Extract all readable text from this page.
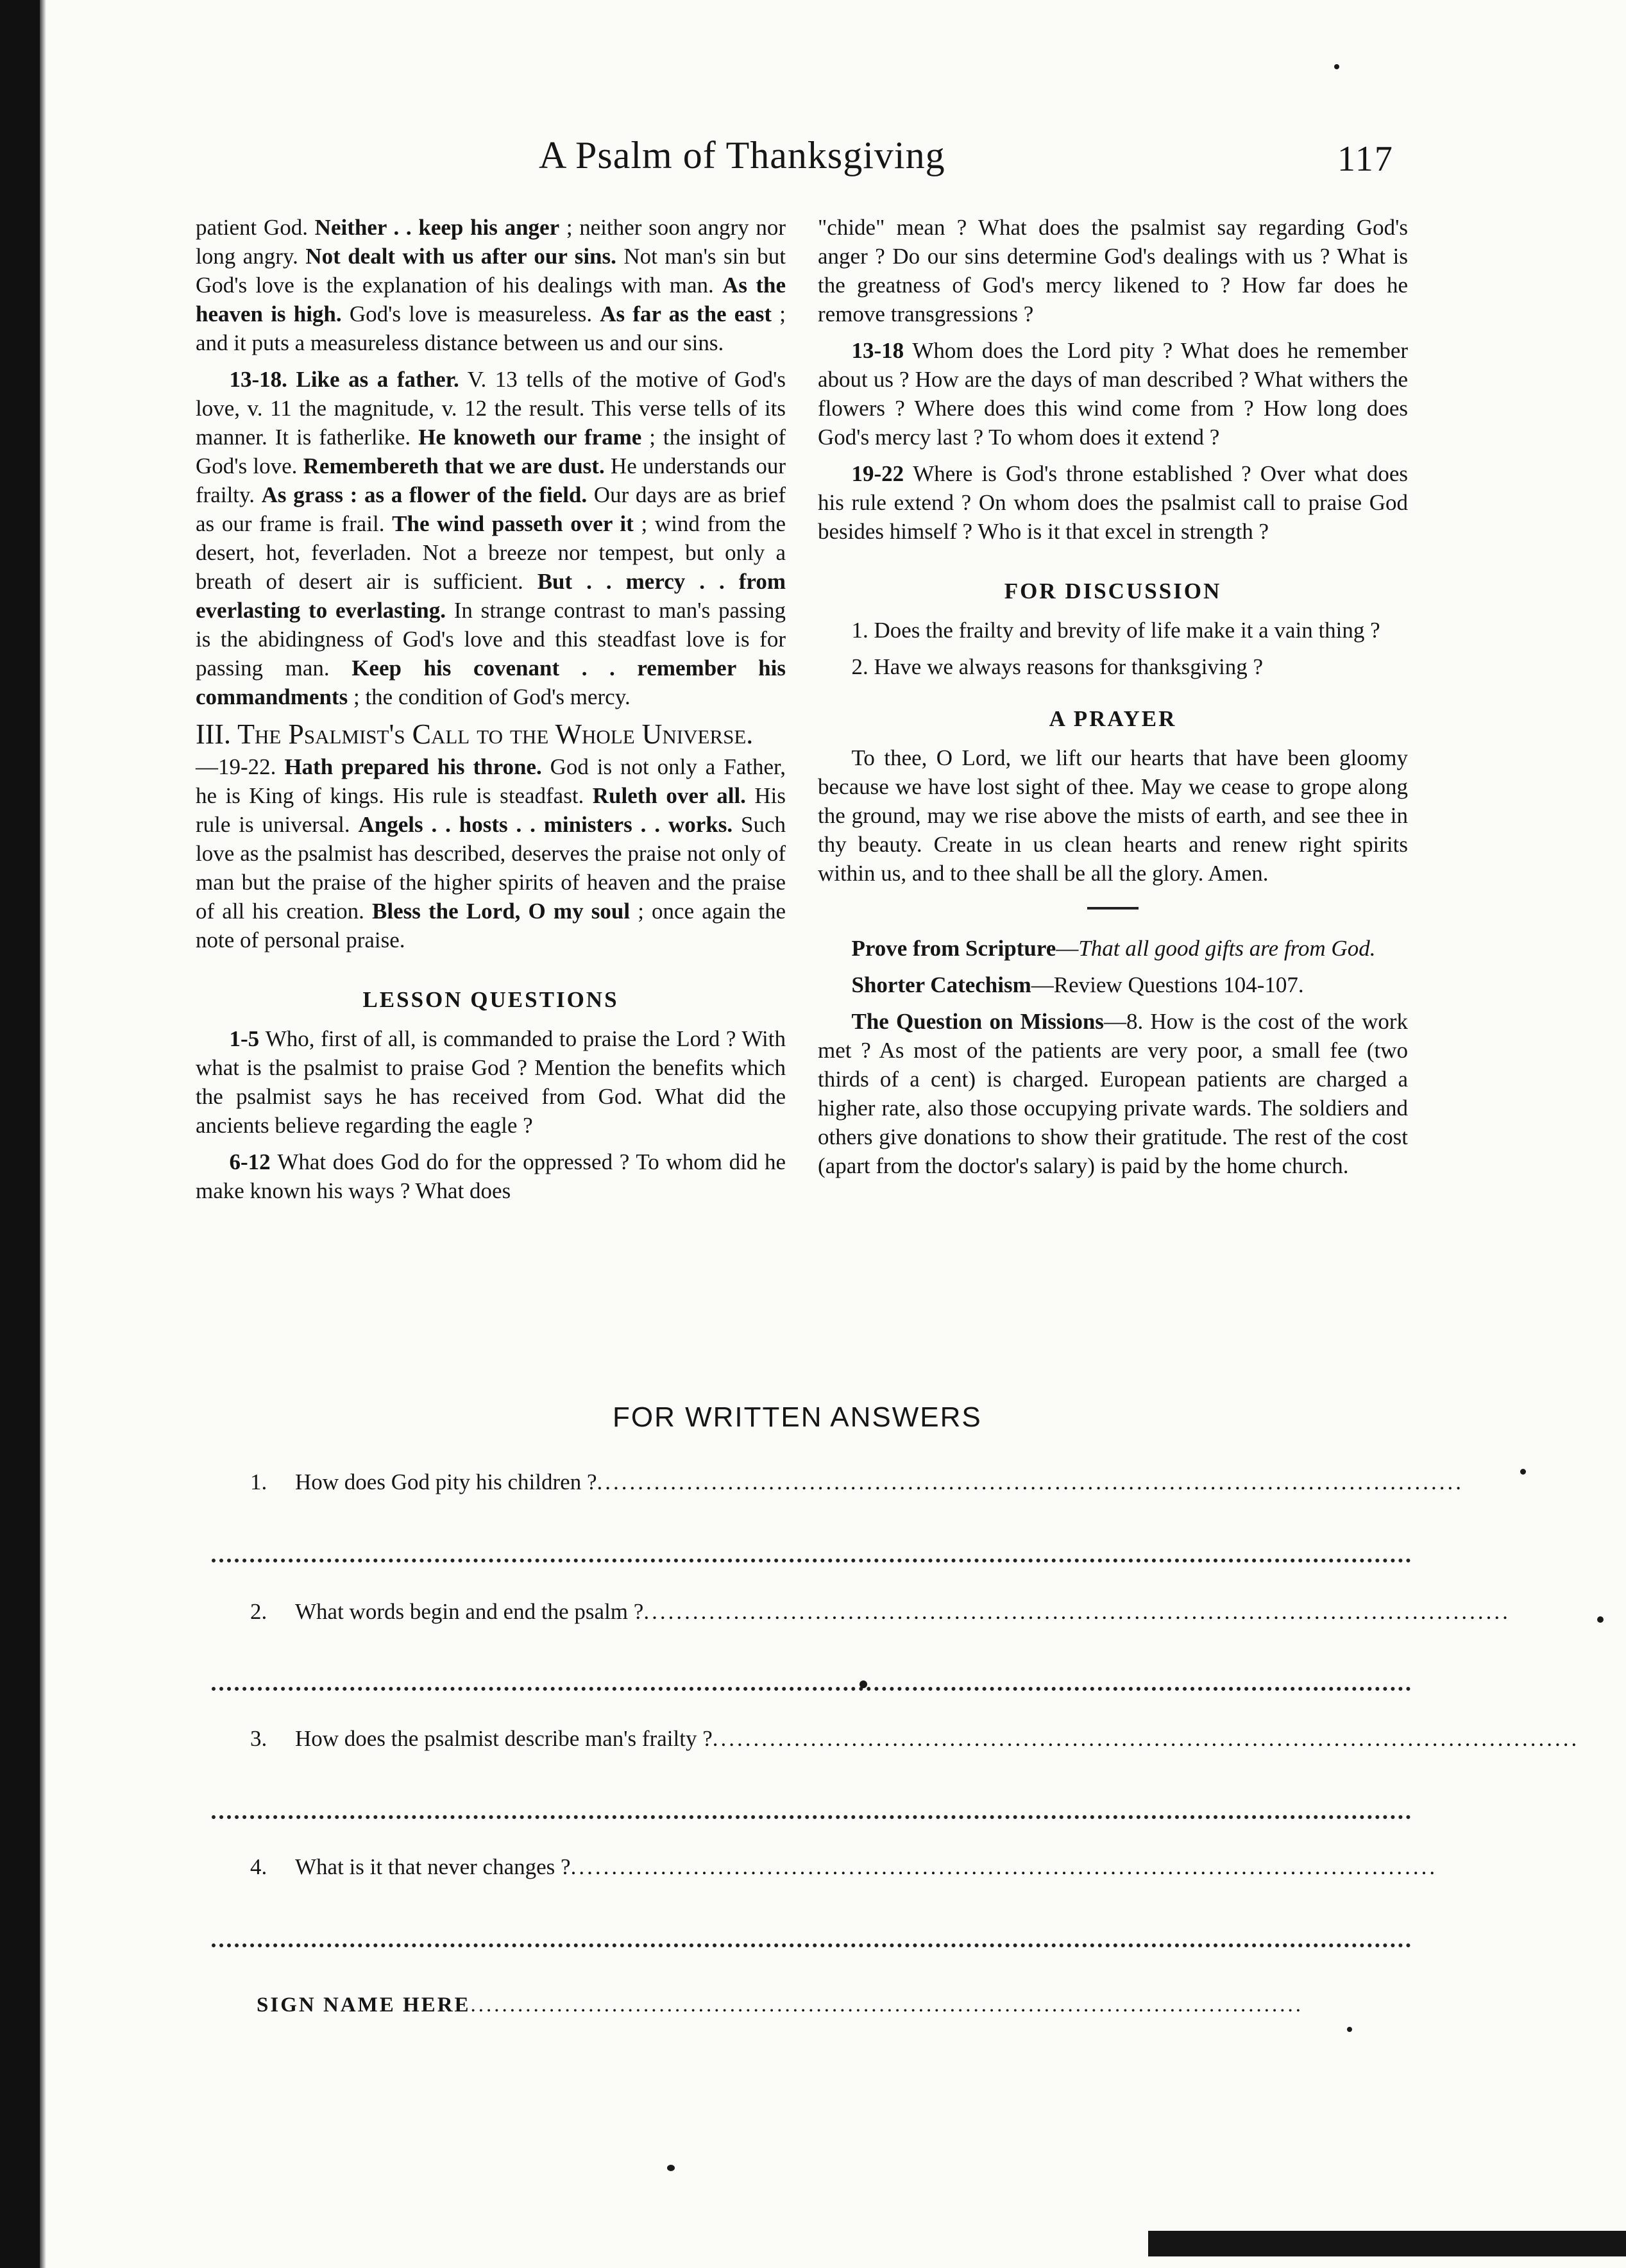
A Psalm of Thanksgiving	117

patient God. Neither . . keep his anger ; neither soon angry nor long angry. Not dealt with us after our sins. Not man's sin but God's love is the explanation of his dealings with man. As the heaven is high. God's love is measureless. As far as the east ; and it puts a measureless distance between us and our sins.

13-18. Like as a father. V. 13 tells of the motive of God's love, v. 11 the magnitude, v. 12 the result. This verse tells of its manner. It is fatherlike. He knoweth our frame ; the insight of God's love. Remembereth that we are dust. He understands our frailty. As grass : as a flower of the field. Our days are as brief as our frame is frail. The wind passeth over it ; wind from the desert, hot, feverladen. Not a breeze nor tempest, but only a breath of desert air is sufficient. But . . mercy . . from everlasting to everlasting. In strange contrast to man's passing is the abidingness of God's love and this steadfast love is for passing man. Keep his covenant . . remember his commandments ; the condition of God's mercy.

III. The Psalmist's Call to the Whole Universe.

—19-22. Hath prepared his throne. God is not only a Father, he is King of kings. His rule is steadfast. Ruleth over all. His rule is universal. Angels . . hosts . . ministers . . works. Such love as the psalmist has described, deserves the praise not only of man but the praise of the higher spirits of heaven and the praise of all his creation. Bless the Lord, O my soul ; once again the note of personal praise.

LESSON QUESTIONS

1-5 Who, first of all, is commanded to praise the Lord ? With what is the psalmist to praise God ? Mention the benefits which the psalmist says he has received from God. What did the ancients believe regarding the eagle ?

6-12 What does God do for the oppressed ? To whom did he make known his ways ? What does

"chide" mean ? What does the psalmist say regarding God's anger ? Do our sins determine God's dealings with us ? What is the greatness of God's mercy likened to ? How far does he remove transgressions ?

13-18 Whom does the Lord pity ? What does he remember about us ? How are the days of man described ? What withers the flowers ? Where does this wind come from ? How long does God's mercy last ? To whom does it extend ?

19-22 Where is God's throne established ? Over what does his rule extend ? On whom does the psalmist call to praise God besides himself ? Who is it that excel in strength ?

FOR DISCUSSION

1. Does the frailty and brevity of life make it a vain thing ?

2. Have we always reasons for thanksgiving ?

A PRAYER

To thee, O Lord, we lift our hearts that have been gloomy because we have lost sight of thee. May we cease to grope along the ground, may we rise above the mists of earth, and see thee in thy beauty. Create in us clean hearts and renew right spirits within us, and to thee shall be all the glory. Amen.

Prove from Scripture—That all good gifts are from God.

Shorter Catechism—Review Questions 104-107.

The Question on Missions—8. How is the cost of the work met ? As most of the patients are very poor, a small fee (two thirds of a cent) is charged. European patients are charged a higher rate, also those occupying private wards. The soldiers and others give donations to show their gratitude. The rest of the cost (apart from the doctor's salary) is paid by the home church.

FOR WRITTEN ANSWERS
1. How does God pity his children ?..........................................................................................................
2. What words begin and end the psalm ?..........................................................................................................
3. How does the psalmist describe man's frailty ?..........................................................................................................
4. What is it that never changes ?..........................................................................................................
SIGN NAME HERE..........................................................................................................
